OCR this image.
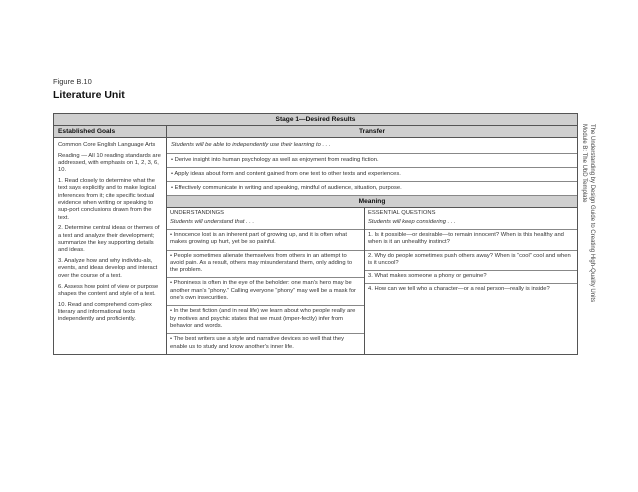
Figure B.10
Literature Unit
The Understanding by Design Guide to Creating High-Quality Units
Module B: The UbD Template
Stage 1—Desired Results
Established Goals

Common Core English Language Arts

Reading — All 10 reading standards are addressed, with emphasis on 1, 2, 3, 6, 10.

1. Read closely to determine what the text says explicitly and to make logical inferences from it; cite specific textual evidence when writing or speaking to sup-port conclusions drawn from the text.

2. Determine central ideas or themes of a text and analyze their development; summarize the key supporting details and ideas.

3. Analyze how and why individu-als, events, and ideas develop and interact over the course of a text.

6. Assess how point of view or purpose shapes the content and style of a text.

10. Read and comprehend com-plex literary and informational texts independently and proficiently.

Transfer
Students will be able to independently use their learning to . . .
• Derive insight into human psychology as well as enjoyment from reading fiction.
• Apply ideas about form and content gained from one text to other texts and experiences.
• Effectively communicate in writing and speaking, mindful of audience, situation, purpose.
Meaning
UNDERSTANDINGS
Students will understand that . . .
• Innocence lost is an inherent part of growing up, and it is often what makes growing up hurt, yet be so painful.
• People sometimes alienate themselves from others in an attempt to avoid pain. As a result, others may misunderstand them, only adding to the problem.
• Phoniness is often in the eye of the beholder: one man's hero may be another man's “phony.” Calling everyone “phony” may well be a mask for one's own insecurities.
• In the best fiction (and in real life) we learn about who people really are by motives and psychic states that we must (imper-fectly) infer from behavior and words.
• The best writers use a style and narrative devices so well that they enable us to study and know another's inner life.
ESSENTIAL QUESTIONS
Students will keep considering . . .
1. Is it possible—or desirable—to remain innocent? When is this healthy and when is it an unhealthy instinct?
2. Why do people sometimes push others away? When is “cool” cool and when is it uncool?
3. What makes someone a phony or genuine?
4. How can we tell who a character—or a real person—really is inside?
